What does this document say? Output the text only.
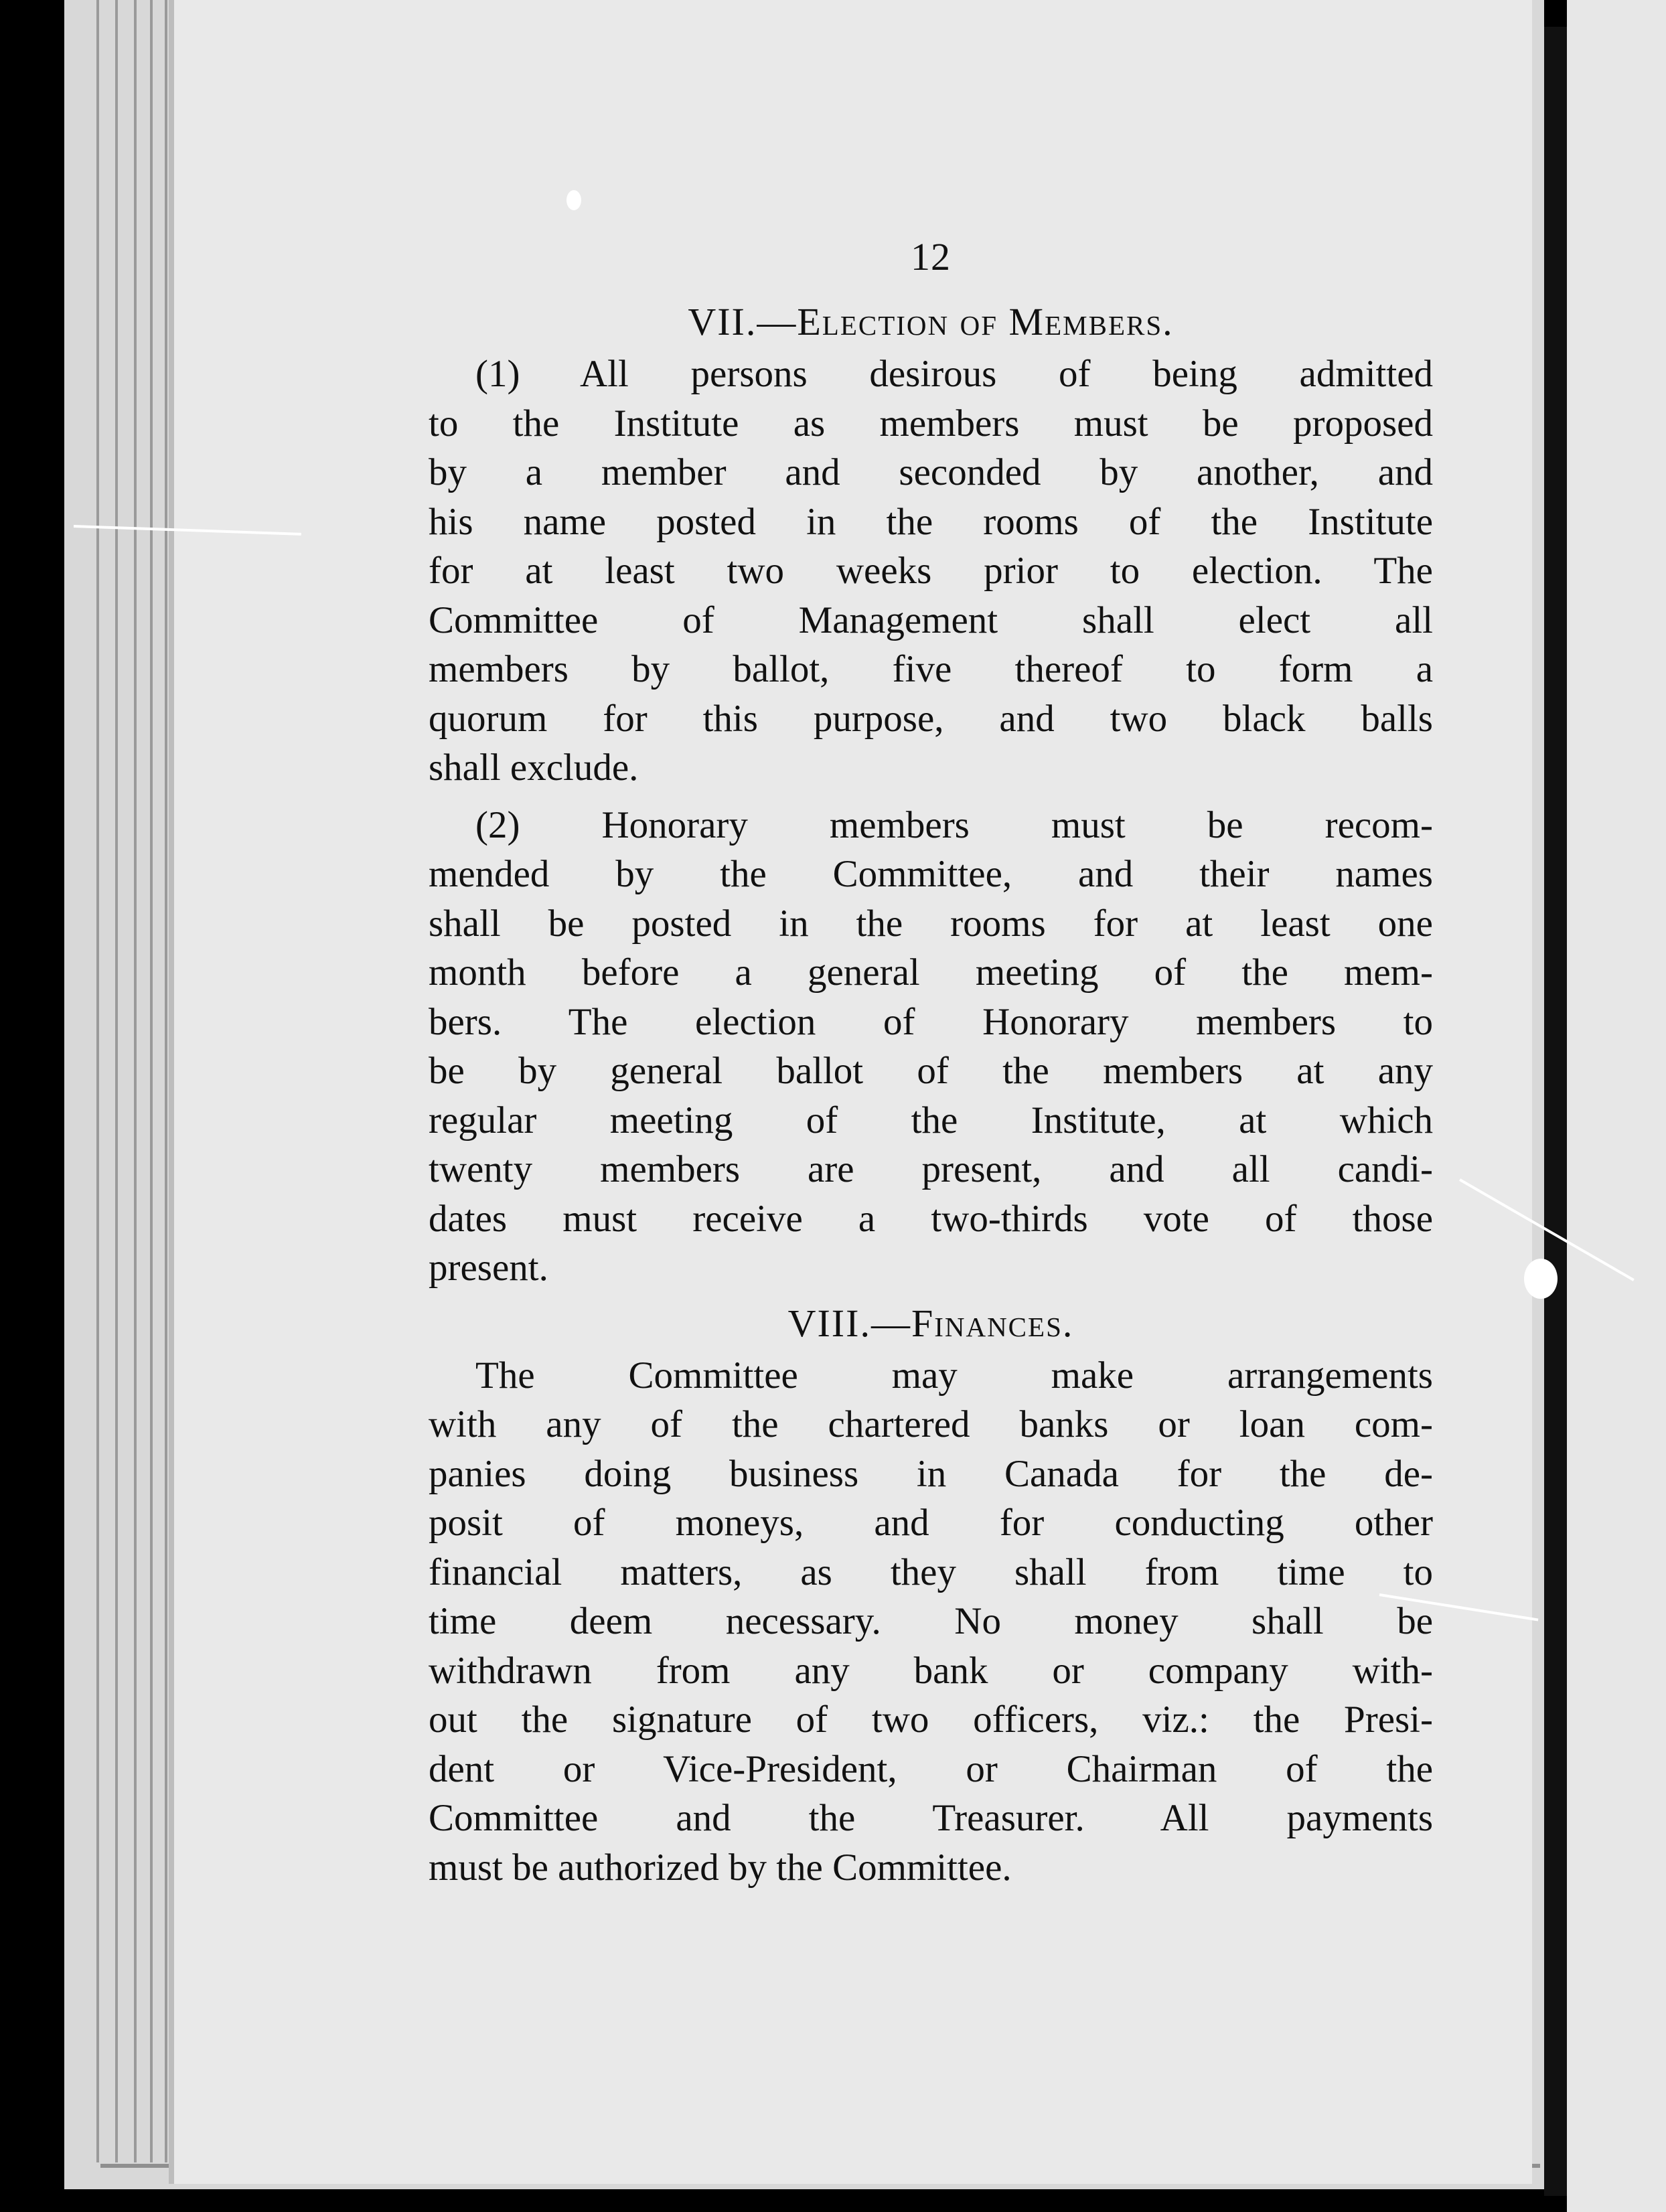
12
VII.—Election of Members.
(1) All persons desirous of being admitted
to the Institute as members must be proposed
by a member and seconded by another, and
his name posted in the rooms of the Institute
for at least two weeks prior to election. The
Committee of Management shall elect all
members by ballot, five thereof to form a
quorum for this purpose, and two black balls
shall exclude.
(2) Honorary members must be recom-
mended by the Committee, and their names
shall be posted in the rooms for at least one
month before a general meeting of the mem-
bers. The election of Honorary members to
be by general ballot of the members at any
regular meeting of the Institute, at which
twenty members are present, and all candi-
dates must receive a two-thirds vote of those
present.
VIII.—Finances.
The Committee may make arrangements
with any of the chartered banks or loan com-
panies doing business in Canada for the de-
posit of moneys, and for conducting other
financial matters, as they shall from time to
time deem necessary. No money shall be
withdrawn from any bank or company with-
out the signature of two officers, viz.: the Presi-
dent or Vice-President, or Chairman of the
Committee and the Treasurer. All payments
must be authorized by the Committee.
